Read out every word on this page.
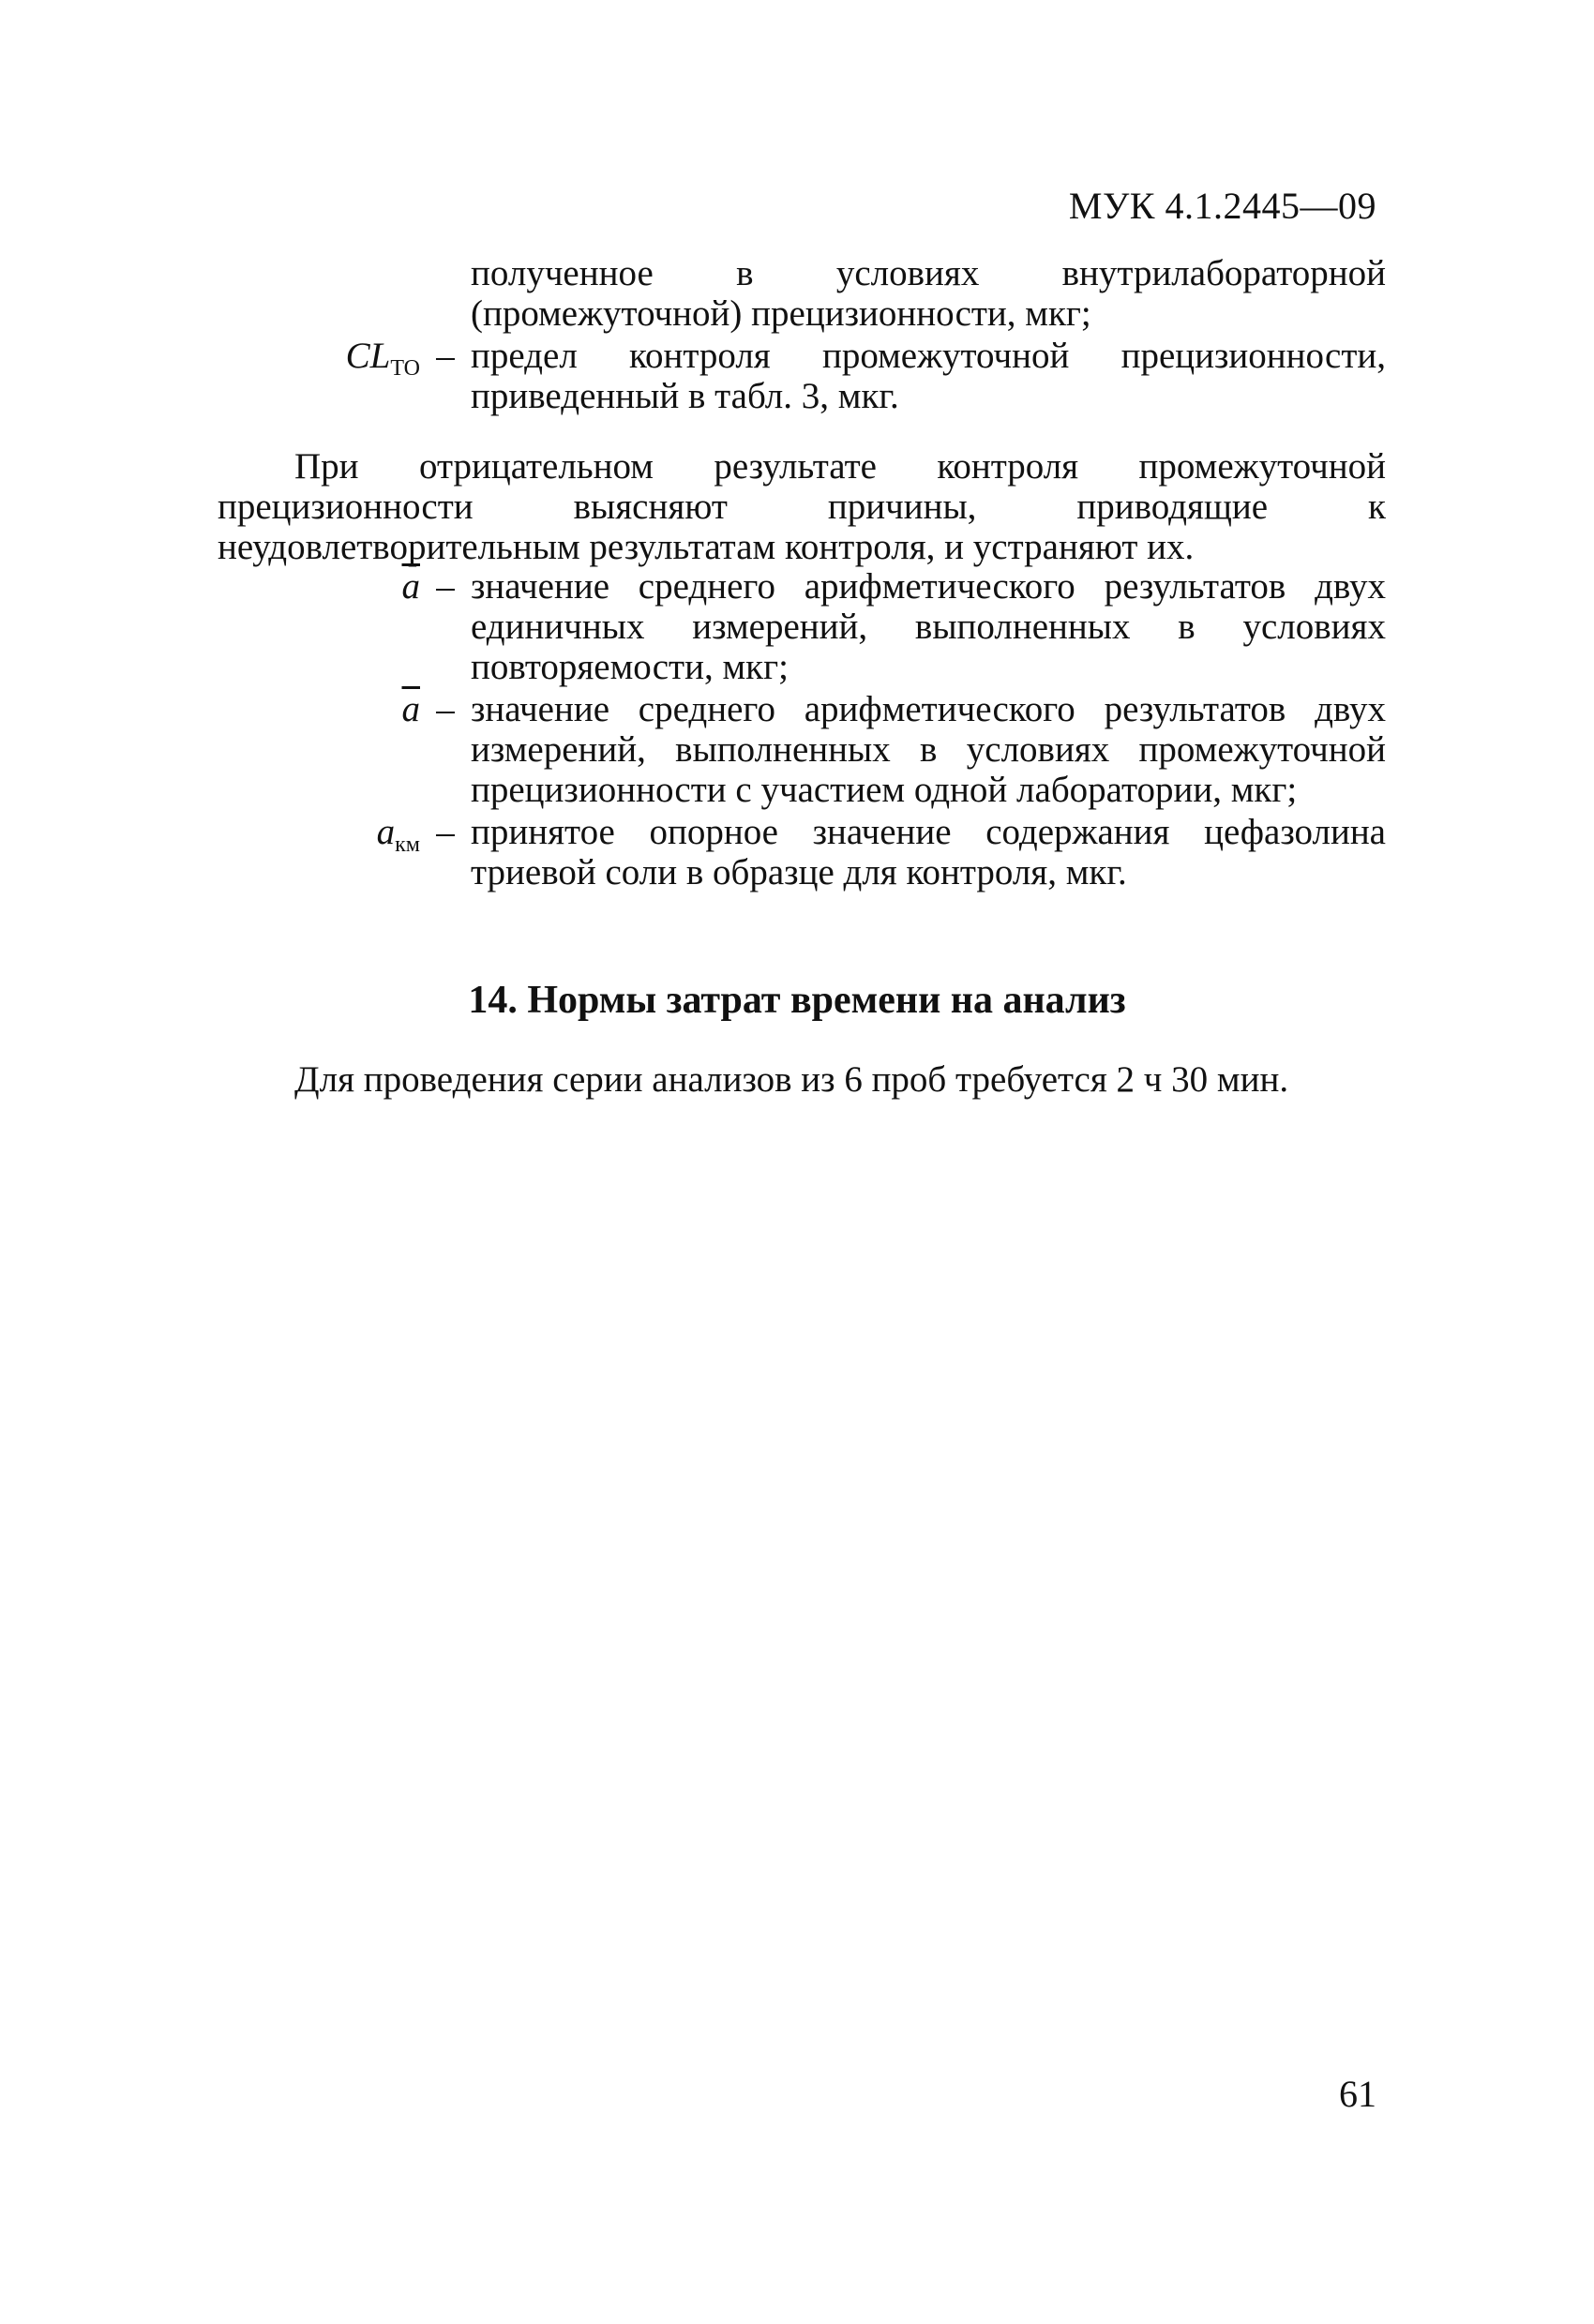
МУК 4.1.2445—09
полученное в условиях внутрилабораторной (промежуточной) прецизионности, мкг;
$CL_{ТО}$ – предел контроля промежуточной прецизионности, приведенный в табл. 3, мкг.
При отрицательном результате контроля промежуточной прецизионности выясняют причины, приводящие к неудовлетворительным результатам контроля, и устраняют их.
$\overline{a}$ – значение среднего арифметического результатов двух единичных измерений, выполненных в условиях повторяемости, мкг;
$\overline{a}$ – значение среднего арифметического результатов двух измерений, выполненных в условиях промежуточной прецизионности с участием одной лаборатории, мкг;
$a_{км}$ – принятое опорное значение содержания цефазолина триевой соли в образце для контроля, мкг.
14. Нормы затрат времени на анализ
Для проведения серии анализов из 6 проб требуется 2 ч 30 мин.
61
